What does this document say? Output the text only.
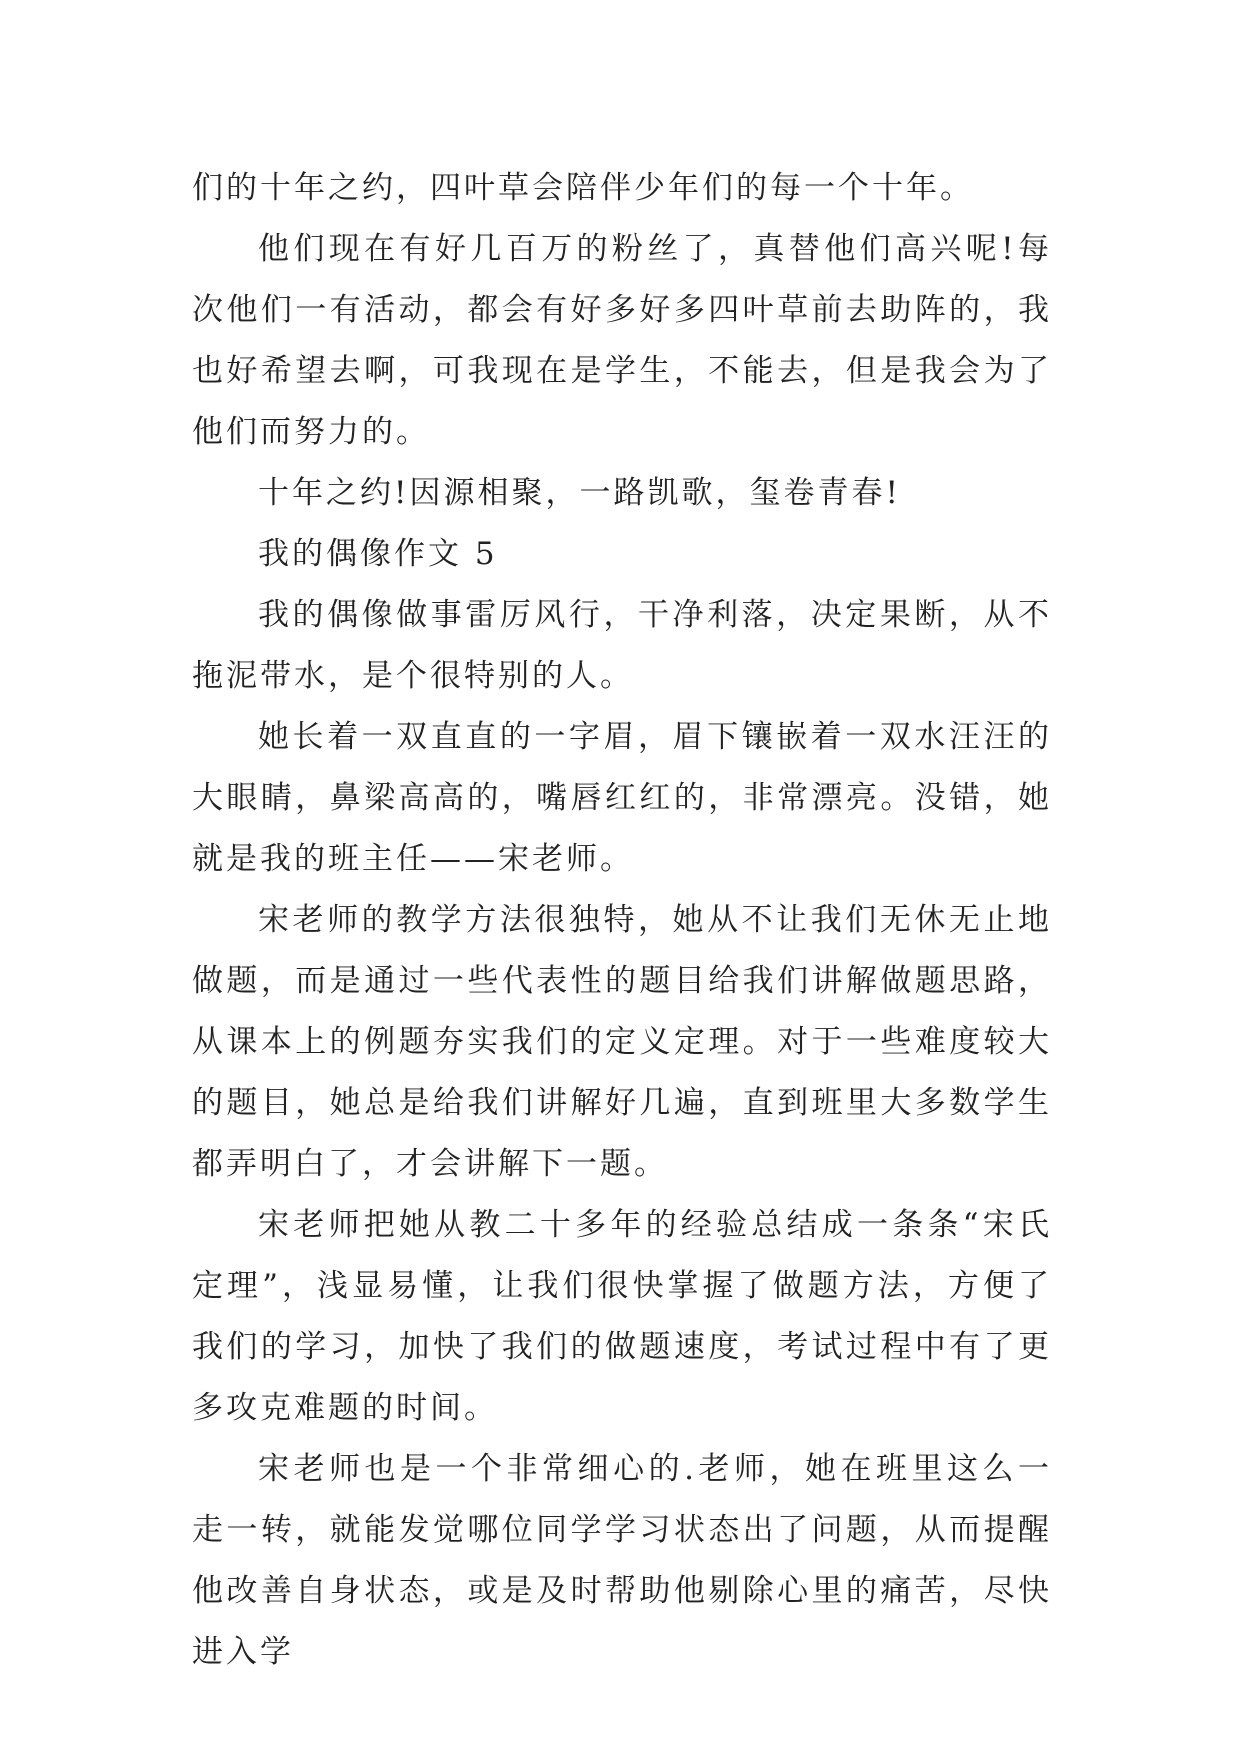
们的十年之约，四叶草会陪伴少年们的每一个十年。

他们现在有好几百万的粉丝了，真替他们高兴呢!每次他们一有活动，都会有好多好多四叶草前去助阵的，我也好希望去啊，可我现在是学生，不能去，但是我会为了他们而努力的。

十年之约!因源相聚，一路凯歌，玺卷青春!

我的偶像作文 5

我的偶像做事雷厉风行，干净利落，决定果断，从不拖泥带水，是个很特别的人。

她长着一双直直的一字眉，眉下镶嵌着一双水汪汪的大眼睛，鼻梁高高的，嘴唇红红的，非常漂亮。没错，她就是我的班主任——宋老师。

宋老师的教学方法很独特，她从不让我们无休无止地做题，而是通过一些代表性的题目给我们讲解做题思路，从课本上的例题夯实我们的定义定理。对于一些难度较大的题目，她总是给我们讲解好几遍，直到班里大多数学生都弄明白了，才会讲解下一题。

宋老师把她从教二十多年的经验总结成一条条“宋氏定理”，浅显易懂，让我们很快掌握了做题方法，方便了我们的学习，加快了我们的做题速度，考试过程中有了更多攻克难题的时间。

宋老师也是一个非常细心的.老师，她在班里这么一走一转，就能发觉哪位同学学习状态出了问题，从而提醒他改善自身状态，或是及时帮助他剔除心里的痛苦，尽快进入学
